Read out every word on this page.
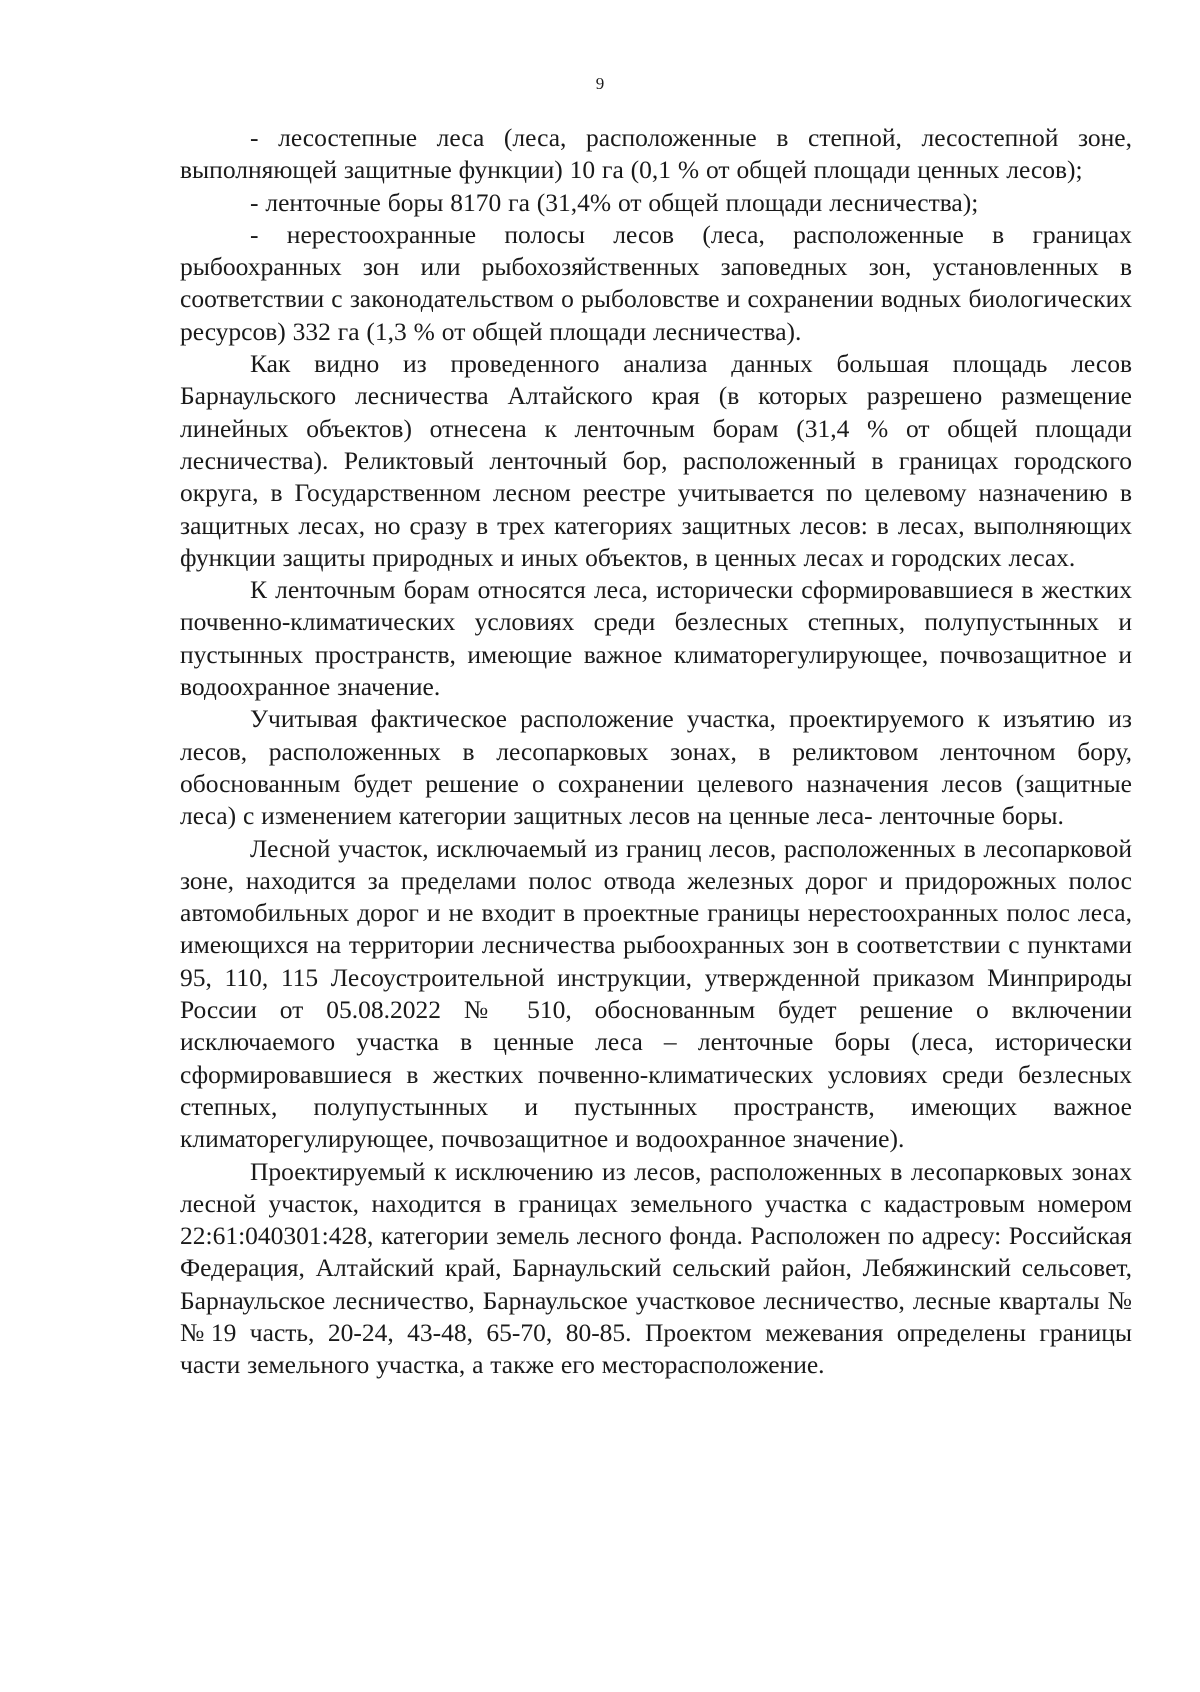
9

- лесостепные леса (леса, расположенные в степной, лесостепной зоне, выполняющей защитные функции) 10 га (0,1 % от общей площади ценных лесов);

- ленточные боры 8170 га (31,4% от общей площади лесничества);

- нерестоохранные полосы лесов (леса, расположенные в границах рыбоохранных зон или рыбохозяйственных заповедных зон, установленных в соответствии с законодательством о рыболовстве и сохранении водных биологических ресурсов) 332 га (1,3 % от общей площади лесничества).

Как видно из проведенного анализа данных большая площадь лесов Барнаульского лесничества Алтайского края (в которых разрешено размещение линейных объектов) отнесена к ленточным борам (31,4 % от общей площади лесничества). Реликтовый ленточный бор, расположенный в границах городского округа, в Государственном лесном реестре учитывается по целевому назначению в защитных лесах, но сразу в трех категориях защитных лесов: в лесах, выполняющих функции защиты природных и иных объектов, в ценных лесах и городских лесах.

К ленточным борам относятся леса, исторически сформировавшиеся в жестких почвенно-климатических условиях среди безлесных степных, полупустынных и пустынных пространств, имеющие важное климаторегулирующее, почвозащитное и водоохранное значение.

Учитывая фактическое расположение участка, проектируемого к изъятию из лесов, расположенных в лесопарковых зонах, в реликтовом ленточном бору, обоснованным будет решение о сохранении целевого назначения лесов (защитные леса) с изменением категории защитных лесов на ценные леса- ленточные боры.

Лесной участок, исключаемый из границ лесов, расположенных в лесопарковой зоне, находится за пределами полос отвода железных дорог и придорожных полос автомобильных дорог и не входит в проектные границы нерестоохранных полос леса, имеющихся на территории лесничества рыбоохранных зон в соответствии с пунктами 95, 110, 115 Лесоустроительной инструкции, утвержденной приказом Минприроды России от 05.08.2022 № 510, обоснованным будет решение о включении исключаемого участка в ценные леса – ленточные боры (леса, исторически сформировавшиеся в жестких почвенно-климатических условиях среди безлесных степных, полупустынных и пустынных пространств, имеющих важное климаторегулирующее, почвозащитное и водоохранное значение).

Проектируемый к исключению из лесов, расположенных в лесопарковых зонах лесной участок, находится в границах земельного участка с кадастровым номером 22:61:040301:428, категории земель лесного фонда. Расположен по адресу: Российская Федерация, Алтайский край, Барнаульский сельский район, Лебяжинский сельсовет, Барнаульское лесничество, Барнаульское участковое лесничество, лесные кварталы №№19 часть, 20-24, 43-48, 65-70, 80-85. Проектом межевания определены границы части земельного участка, а также его месторасположение.
